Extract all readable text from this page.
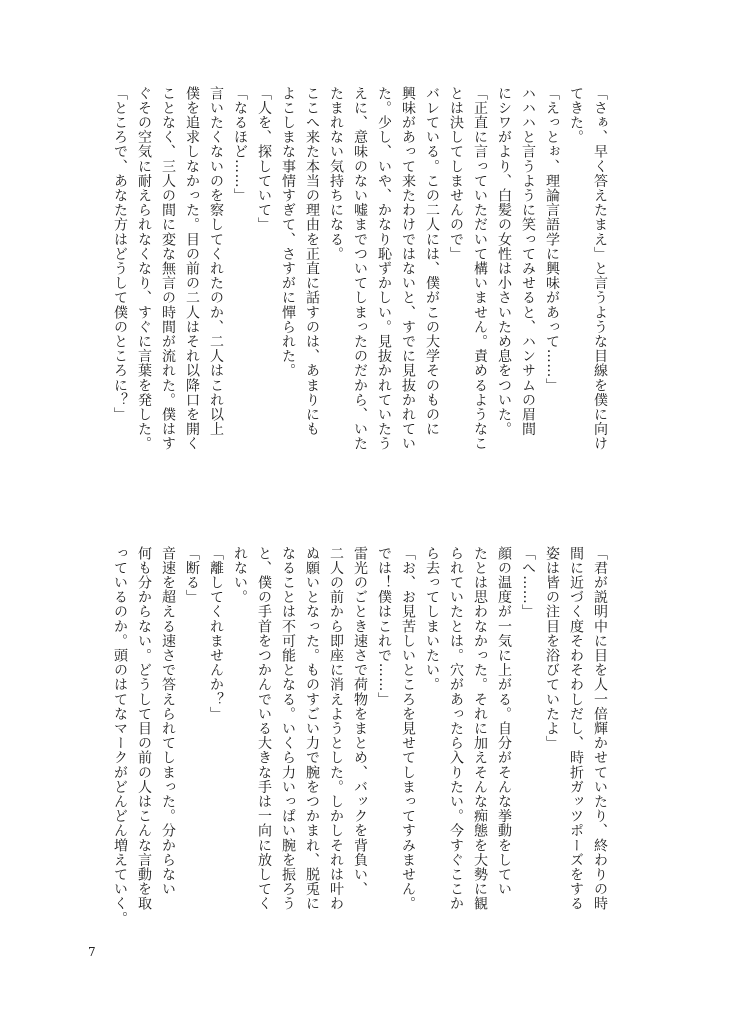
「さぁ、早く答えたまえ」と言うような目線を僕に向け
てきた。
「えっとぉ、理論言語学に興味があって……」
ハハハと言うように笑ってみせると、ハンサムの眉間
にシワがより、白髪の女性は小さいため息をついた。
「正直に言っていただいて構いません。責めるようなこ
とは決してしませんので」
バレている。この二人には、僕がこの大学そのものに
興味があって来たわけではないと、すでに見抜かれてい
た。少し、いや、かなり恥ずかしい。見抜かれていたう
えに、意味のない嘘までついてしまったのだから、いた
たまれない気持ちになる。
ここへ来た本当の理由を正直に話すのは、あまりにも
よこしまな事情すぎて、さすがに憚られた。
「人を、探していて」
「なるほど……」
言いたくないのを察してくれたのか、二人はこれ以上
僕を追求しなかった。目の前の二人はそれ以降口を開く
ことなく、三人の間に変な無言の時間が流れた。僕はす
ぐその空気に耐えられなくなり、すぐに言葉を発した。
「ところで、あなた方はどうして僕のところに？」
「君が説明中に目を人一倍輝かせていたり、終わりの時
間に近づく度そわそわしだし、時折ガッツポーズをする
姿は皆の注目を浴びていたよ」
「へ……」
顔の温度が一気に上がる。自分がそんな挙動をしてい
たとは思わなかった。それに加えそんな痴態を大勢に観
られていたとは。穴があったら入りたい。今すぐここか
ら去ってしまいたい。
「お、お見苦しいところを見せてしまってすみません。
では！僕はこれで……」
雷光のごとき速さで荷物をまとめ、バックを背負い、
二人の前から即座に消えようとした。しかしそれは叶わ
ぬ願いとなった。ものすごい力で腕をつかまれ、脱兎に
なることは不可能となる。いくら力いっぱい腕を振ろう
と、僕の手首をつかんでいる大きな手は一向に放してく
れない。
「離してくれませんか？」
「断る」
音速を超える速さで答えられてしまった。分からない
何も分からない。どうして目の前の人はこんな言動を取
っているのか。頭のはてなマークがどんどん増えていく。
7
